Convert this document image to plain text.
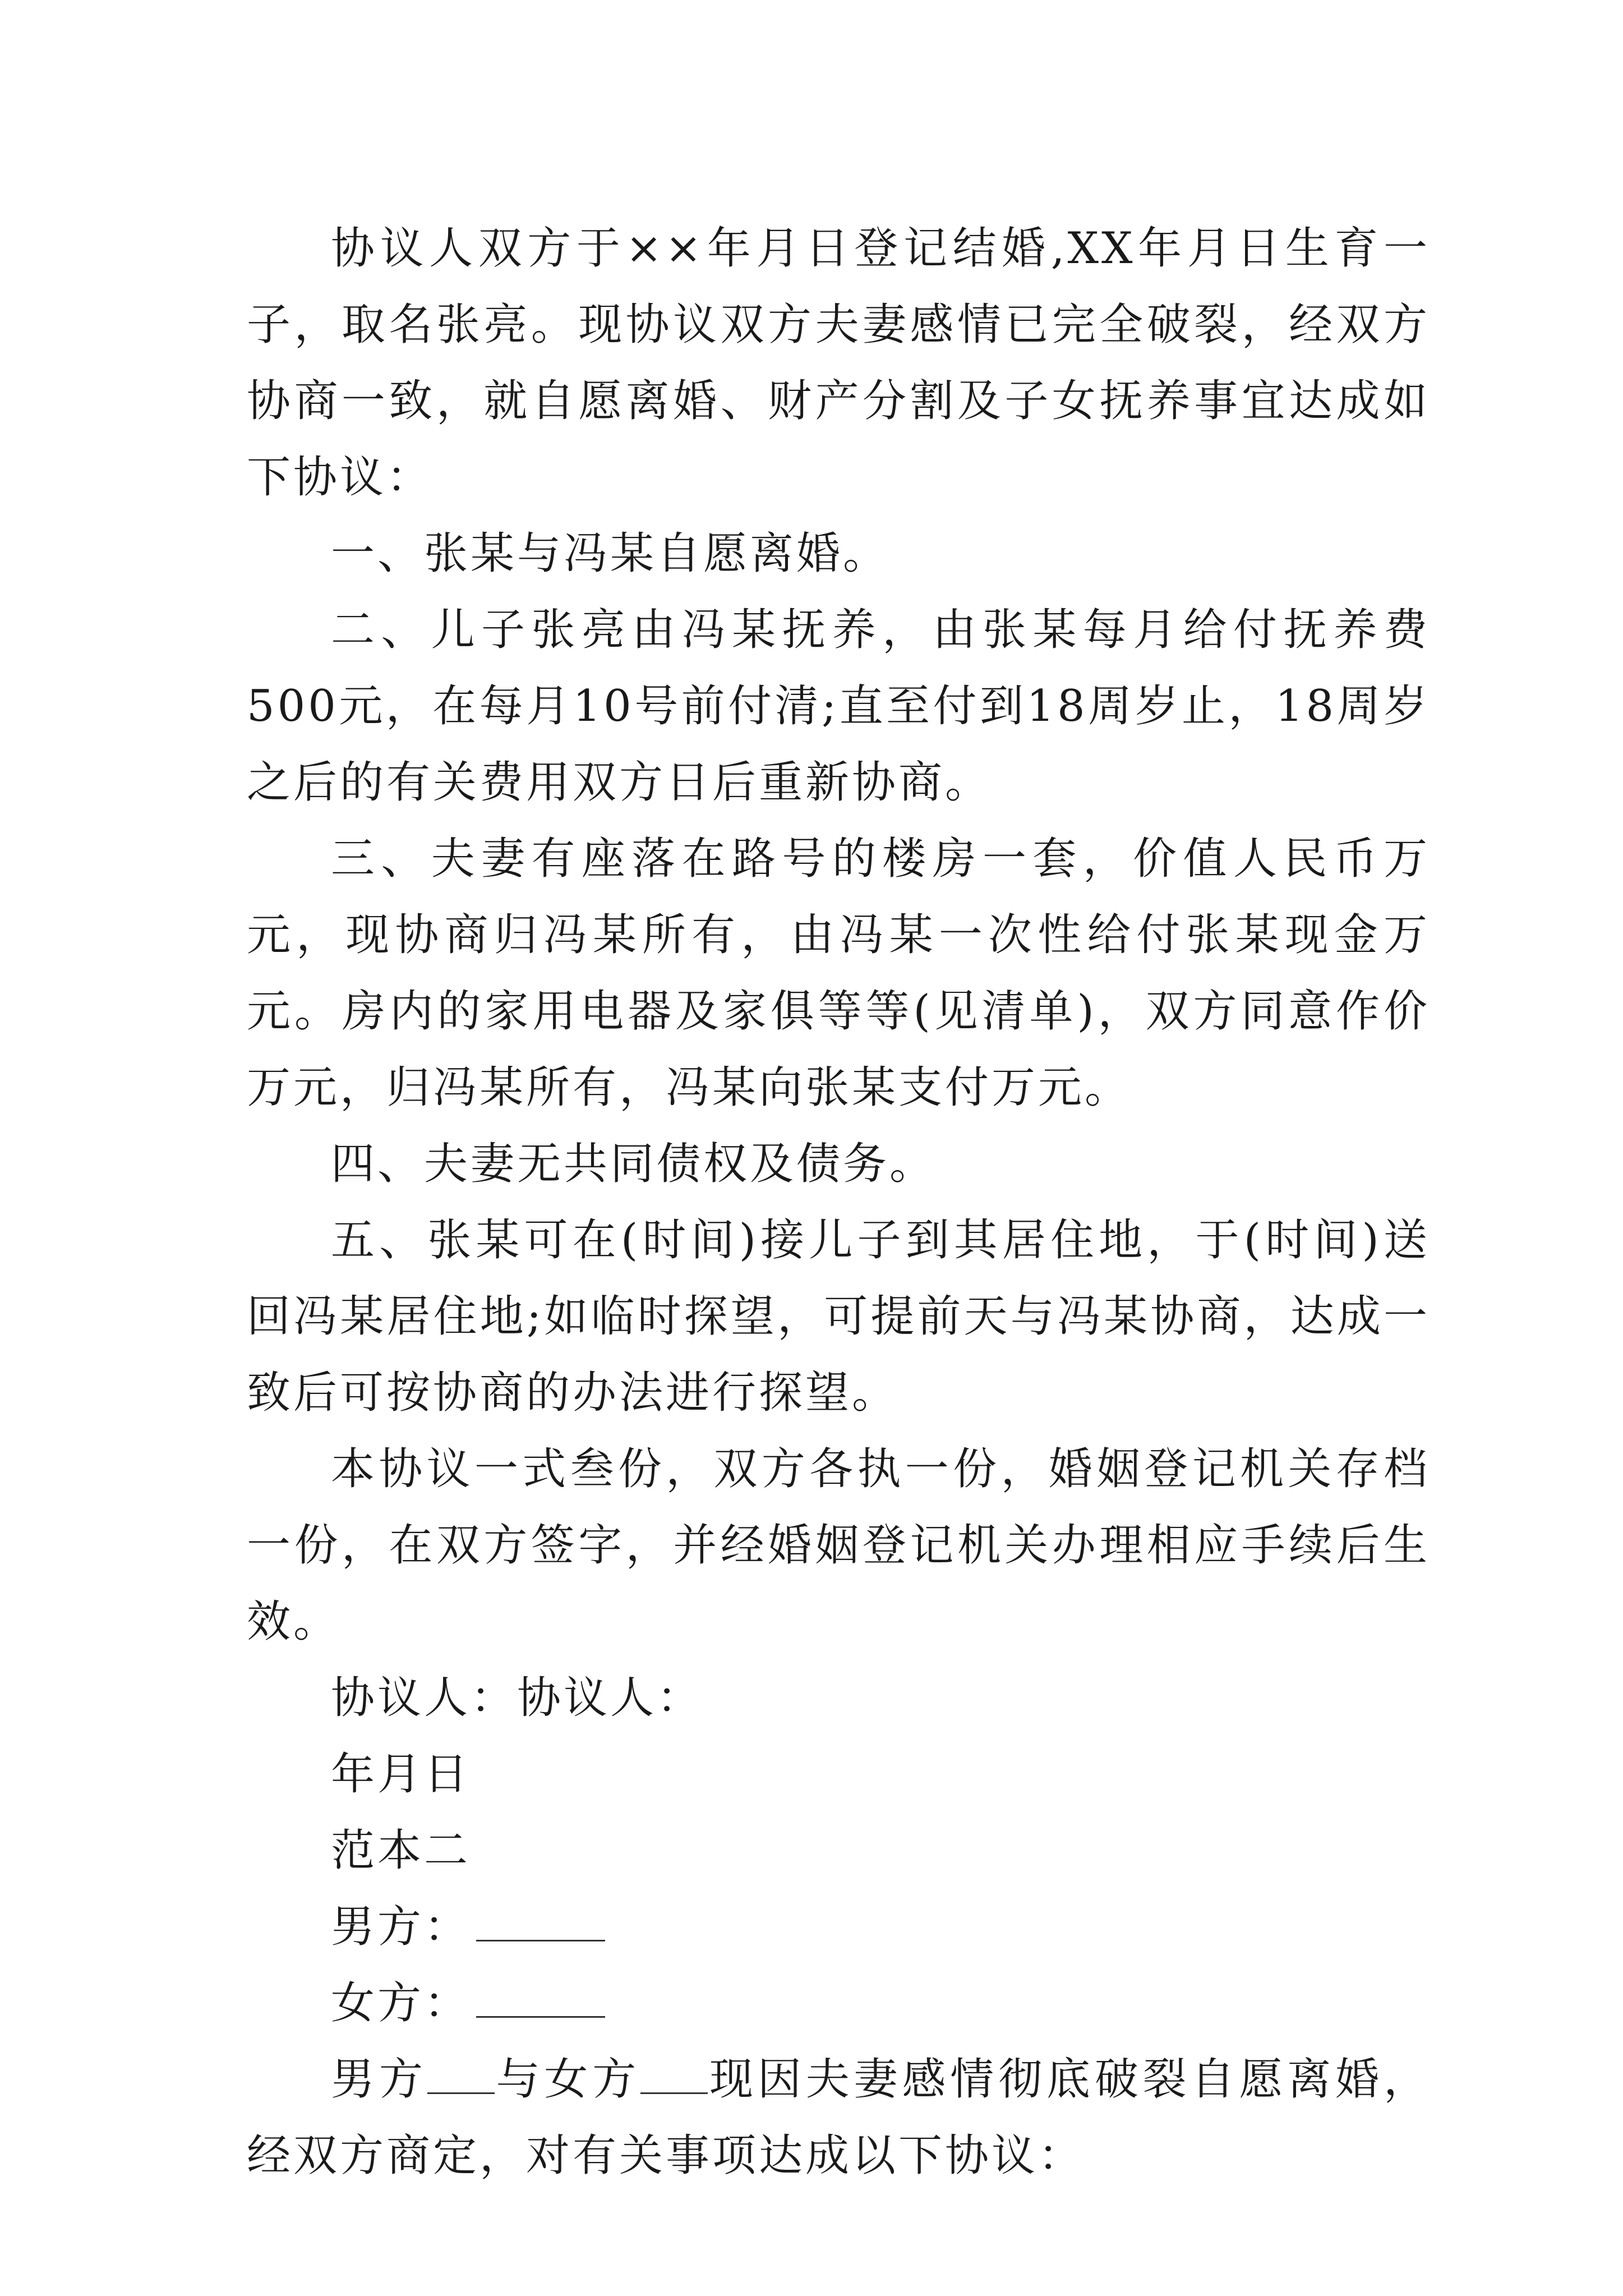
协议人双方于××年月日登记结婚,XX年月日生育一子，取名张亮。现协议双方夫妻感情已完全破裂，经双方协商一致，就自愿离婚、财产分割及子女抚养事宜达成如下协议：

一、张某与冯某自愿离婚。

二、儿子张亮由冯某抚养，由张某每月给付抚养费500元，在每月10号前付清;直至付到18周岁止，18周岁之后的有关费用双方日后重新协商。

三、夫妻有座落在路号的楼房一套，价值人民币万元，现协商归冯某所有，由冯某一次性给付张某现金万元。房内的家用电器及家俱等等(见清单)，双方同意作价万元，归冯某所有，冯某向张某支付万元。

四、夫妻无共同债权及债务。

五、张某可在(时间)接儿子到其居住地，于(时间)送回冯某居住地;如临时探望，可提前天与冯某协商，达成一致后可按协商的办法进行探望。

本协议一式叁份，双方各执一份，婚姻登记机关存档一份，在双方签字，并经婚姻登记机关办理相应手续后生效。

协议人：协议人：

年月日

范本二

男方：

女方：

男方 与女方 现因夫妻感情彻底破裂自愿离婚，经双方商定，对有关事项达成以下协议：
